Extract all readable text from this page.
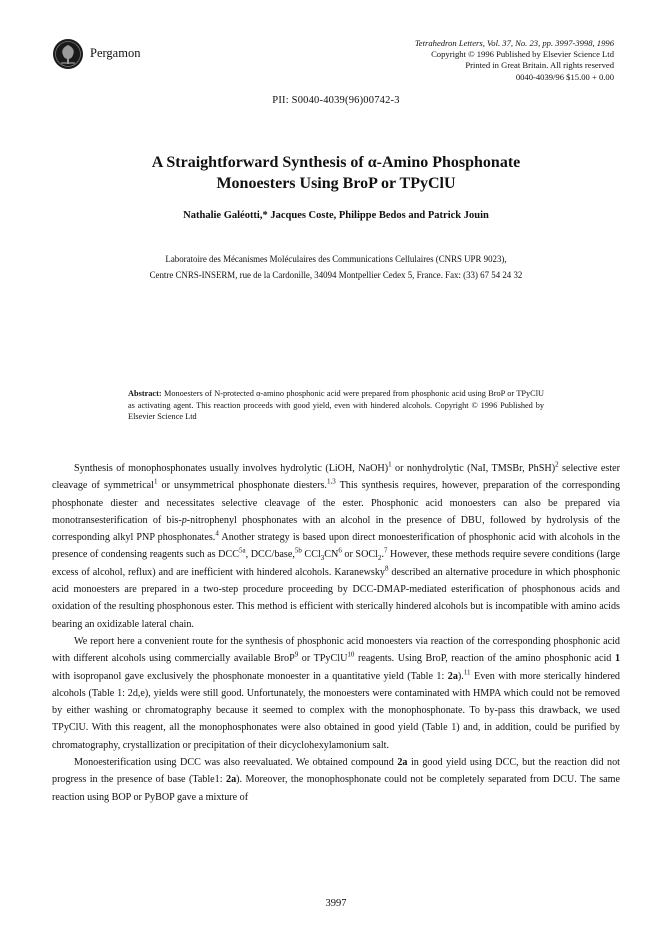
Pergamon
Tetrahedron Letters, Vol. 37, No. 23, pp. 3997-3998, 1996
Copyright © 1996 Published by Elsevier Science Ltd
Printed in Great Britain. All rights reserved
0040-4039/96 $15.00 + 0.00
PII: S0040-4039(96)00742-3
A Straightforward Synthesis of α-Amino Phosphonate
Monoesters Using BroP or TPyClU
Nathalie Galéotti,* Jacques Coste, Philippe Bedos and Patrick Jouin
Laboratoire des Mécanismes Moléculaires des Communications Cellulaires (CNRS UPR 9023),
Centre CNRS-INSERM, rue de la Cardonille, 34094 Montpellier Cedex 5, France. Fax: (33) 67 54 24 32
Abstract: Monoesters of N-protected α-amino phosphonic acid were prepared from phosphonic acid using BroP or TPyClU as activating agent. This reaction proceeds with good yield, even with hindered alcohols. Copyright © 1996 Published by Elsevier Science Ltd

Synthesis of monophosphonates usually involves hydrolytic (LiOH, NaOH)$^1$ or nonhydrolytic (NaI, TMSBr, PhSH)$^2$ selective ester cleavage of symmetrical$^1$ or unsymmetrical phosphonate diesters.$^{1,3}$ This synthesis requires, however, preparation of the corresponding phosphonate diester and necessitates selective cleavage of the ester. Phosphonic acid monoesters can also be prepared via monotransesterification of bis-p-nitrophenyl phosphonates with an alcohol in the presence of DBU, followed by hydrolysis of the corresponding alkyl PNP phosphonates.$^4$ Another strategy is based upon direct monoesterification of phosphonic acid with alcohols in the presence of condensing reagents such as $DCC^{5a}$, DCC/base,$^{5b}$ $CCl_3CN^6$ or SOCl$_2$.$^7$ However, these methods require severe conditions (large excess of alcohol, reflux) and are inefficient with hindered alcohols. Karanewsky$^8$ described an alternative procedure in which phosphonic acid monoesters are prepared in a two-step procedure proceeding by DCC-DMAP-mediated esterification of phosphonous acids and oxidation of the resulting phosphonous ester. This method is efficient with sterically hindered alcohols but is incompatible with amino acids bearing an oxidizable lateral chain.

We report here a convenient route for the synthesis of phosphonic acid monoesters via reaction of the corresponding phosphonic acid with different alcohols using commercially available BroP$^9$ or TPyClU$^{10}$ reagents. Using BroP, reaction of the amino phosphonic acid 1 with isopropanol gave exclusively the phosphonate monoester in a quantitative yield (Table 1: 2a).$^{11}$ Even with more sterically hindered alcohols (Table 1: 2d,e), yields were still good. Unfortunately, the monoesters were contaminated with HMPA which could not be removed by either washing or chromatography because it seemed to complex with the monophosphonate. To by-pass this drawback, we used TPyClU. With this reagent, all the monophosphonates were also obtained in good yield (Table 1) and, in addition, could be purified by chromatography, crystallization or precipitation of their dicyclohexylamonium salt.

Monoesterification using DCC was also reevaluated. We obtained compound 2a in good yield using DCC, but the reaction did not progress in the presence of base (Table1: 2a). Moreover, the monophosphonate could not be completely separated from DCU. The same reaction using BOP or PyBOP gave a mixture of

3997
